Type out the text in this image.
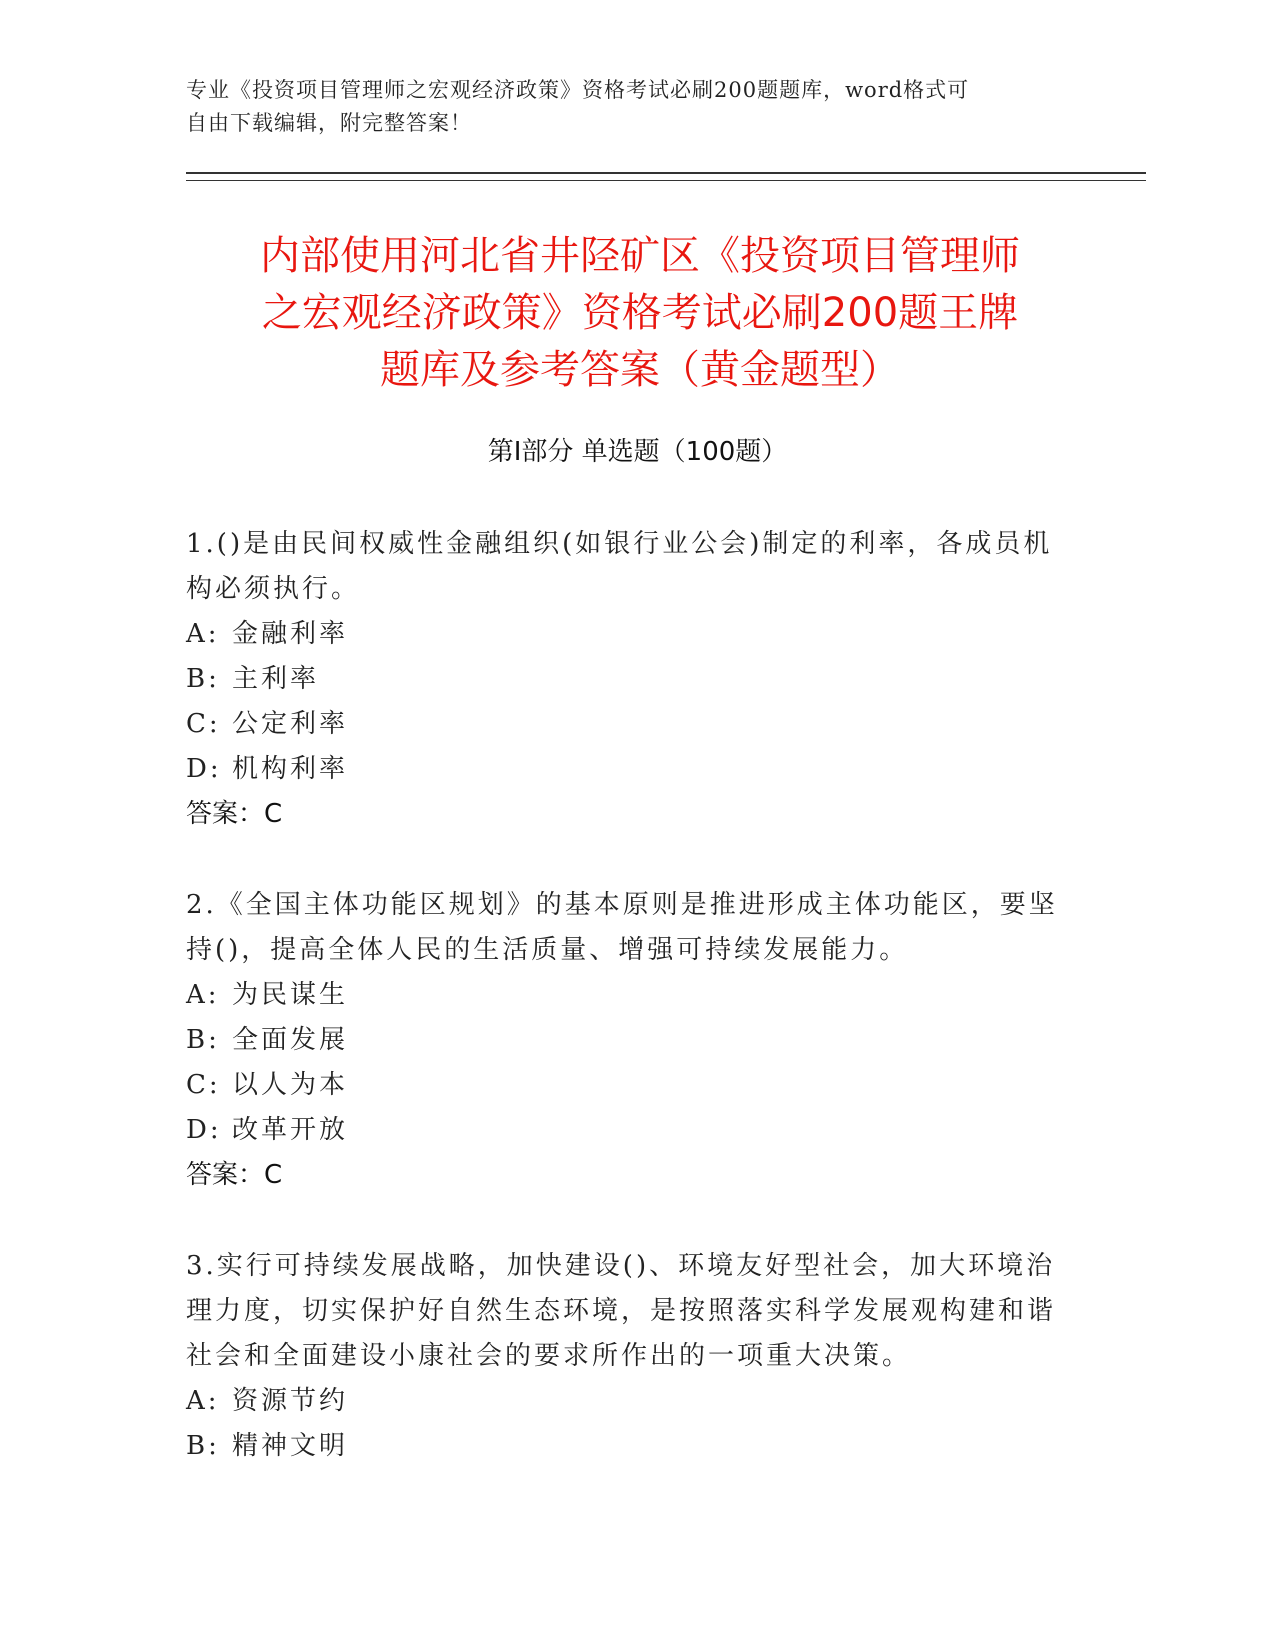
专业《投资项目管理师之宏观经济政策》资格考试必刷200题题库，word格式可
自由下载编辑，附完整答案！
内部使用河北省井陉矿区《投资项目管理师
之宏观经济政策》资格考试必刷200题王牌
题库及参考答案（黄金题型）
第I部分 单选题（100题）
1.()是由民间权威性金融组织(如银行业公会)制定的利率，各成员机
构必须执行。
A: 金融利率
B: 主利率
C: 公定利率
D: 机构利率
答案：C
2.《全国主体功能区规划》的基本原则是推进形成主体功能区，要坚
持()，提高全体人民的生活质量、增强可持续发展能力。
A: 为民谋生
B: 全面发展
C: 以人为本
D: 改革开放
答案：C
3.实行可持续发展战略，加快建设()、环境友好型社会，加大环境治
理力度，切实保护好自然生态环境，是按照落实科学发展观构建和谐
社会和全面建设小康社会的要求所作出的一项重大决策。
A: 资源节约
B: 精神文明
